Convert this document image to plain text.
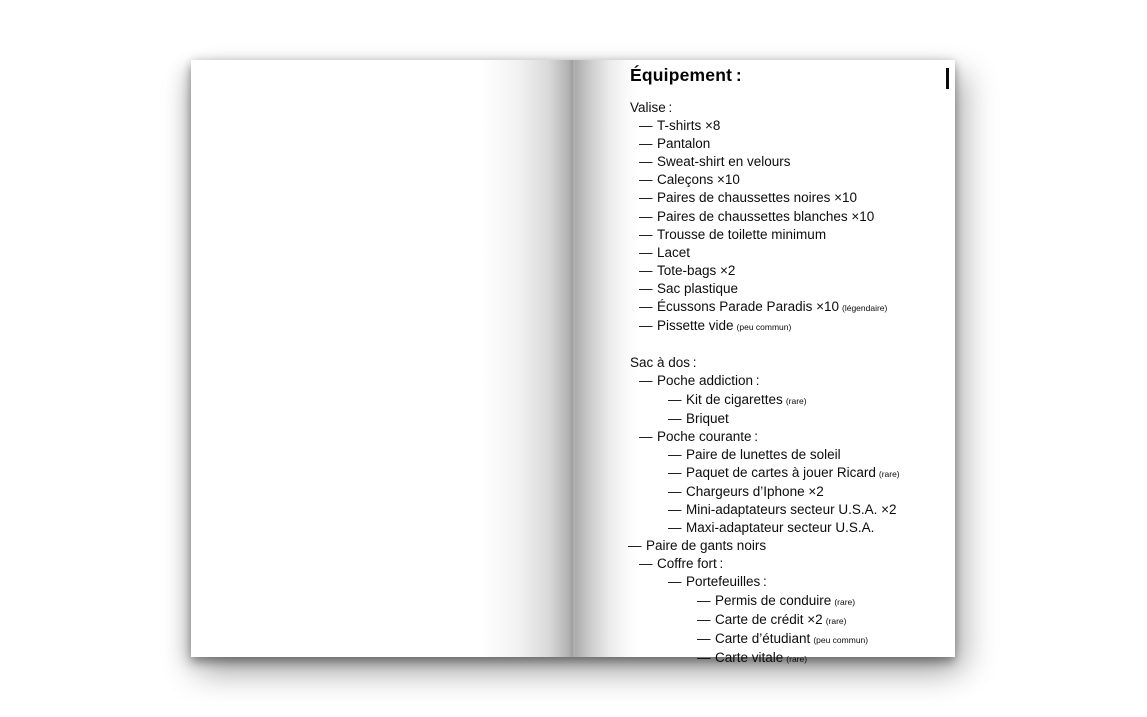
Équipement :
Valise :
— T-shirts ×8
— Pantalon
— Sweat-shirt en velours
— Caleçons ×10
— Paires de chaussettes noires ×10
— Paires de chaussettes blanches ×10
— Trousse de toilette minimum
— Lacet
— Tote-bags ×2
— Sac plastique
— Écussons Parade Paradis ×10 (légendaire)
— Pissette vide (peu commun)
Sac à dos :
— Poche addiction :
— Kit de cigarettes (rare)
— Briquet
— Poche courante :
— Paire de lunettes de soleil
— Paquet de cartes à jouer Ricard (rare)
— Chargeurs d’Iphone ×2
— Mini-adaptateurs secteur U.S.A. ×2
— Maxi-adaptateur secteur U.S.A.
— Paire de gants noirs
— Coffre fort :
— Portefeuilles :
— Permis de conduire (rare)
— Carte de crédit ×2 (rare)
— Carte d’étudiant (peu commun)
— Carte vitale (rare)
